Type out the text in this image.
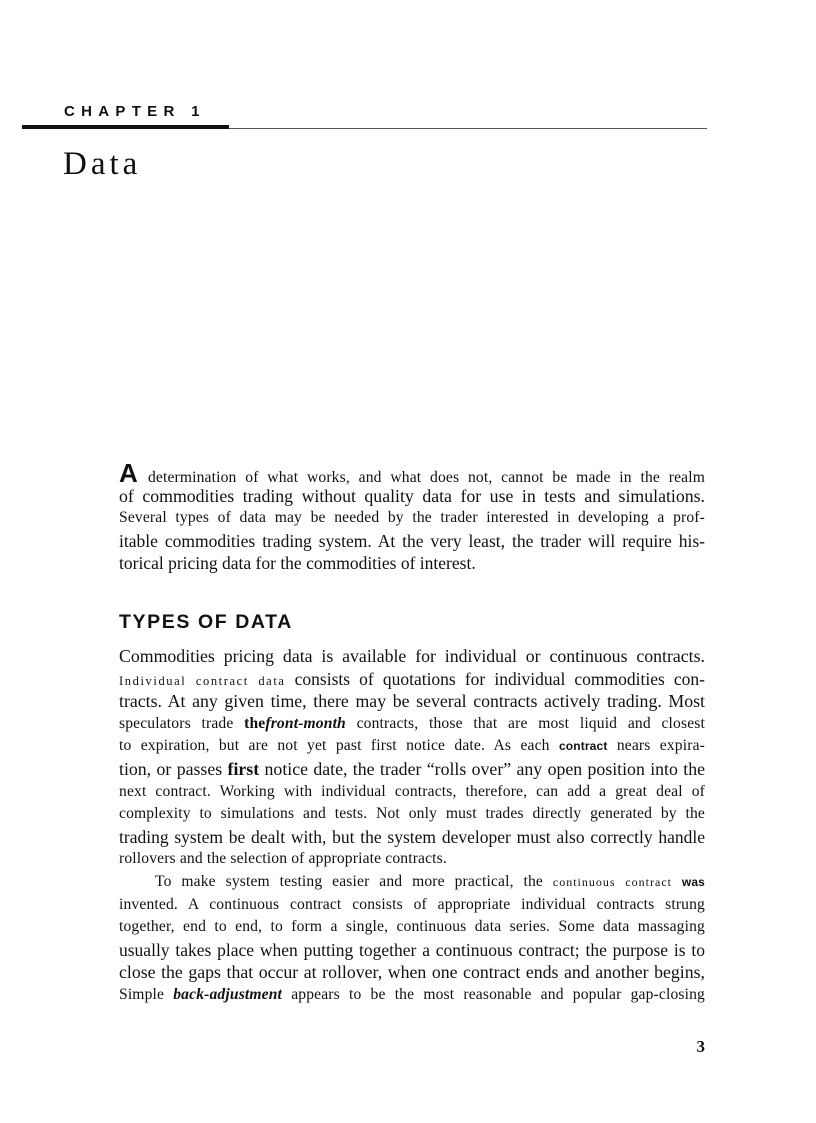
CHAPTER 1
Data
Adetermination of what works, and what does not, cannot be made in the realm
of commodities trading without quality data for use in tests and simulations.
Several types of data may be needed by the trader interested in developing a prof-
itable commodities trading system. At the very least, the trader will require his-
torical pricing data for the commodities of interest.
TYPES OF DATA
Commodities pricing data is available for individual or continuous contracts.
Individual contract data consists of quotations for individual commodities con-
tracts. At any given time, there may be several contracts actively trading. Most
speculators trade thefront-month contracts, those that are most liquid and closest
to expiration, but are not yet past first notice date. As each contract nears expira-
tion, or passes first notice date, the trader “rolls over” any open position into the
next contract. Working with individual contracts, therefore, can add a great deal of
complexity to simulations and tests. Not only must trades directly generated by the
trading system be dealt with, but the system developer must also correctly handle
rollovers and the selection of appropriate contracts.
To make system testing easier and more practical, the continuous contract was
invented. A continuous contract consists of appropriate individual contracts strung
together, end to end, to form a single, continuous data series. Some data massaging
usually takes place when putting together a continuous contract; the purpose is to
close the gaps that occur at rollover, when one contract ends and another begins,
Simple back-adjustment appears to be the most reasonable and popular gap-closing
3
